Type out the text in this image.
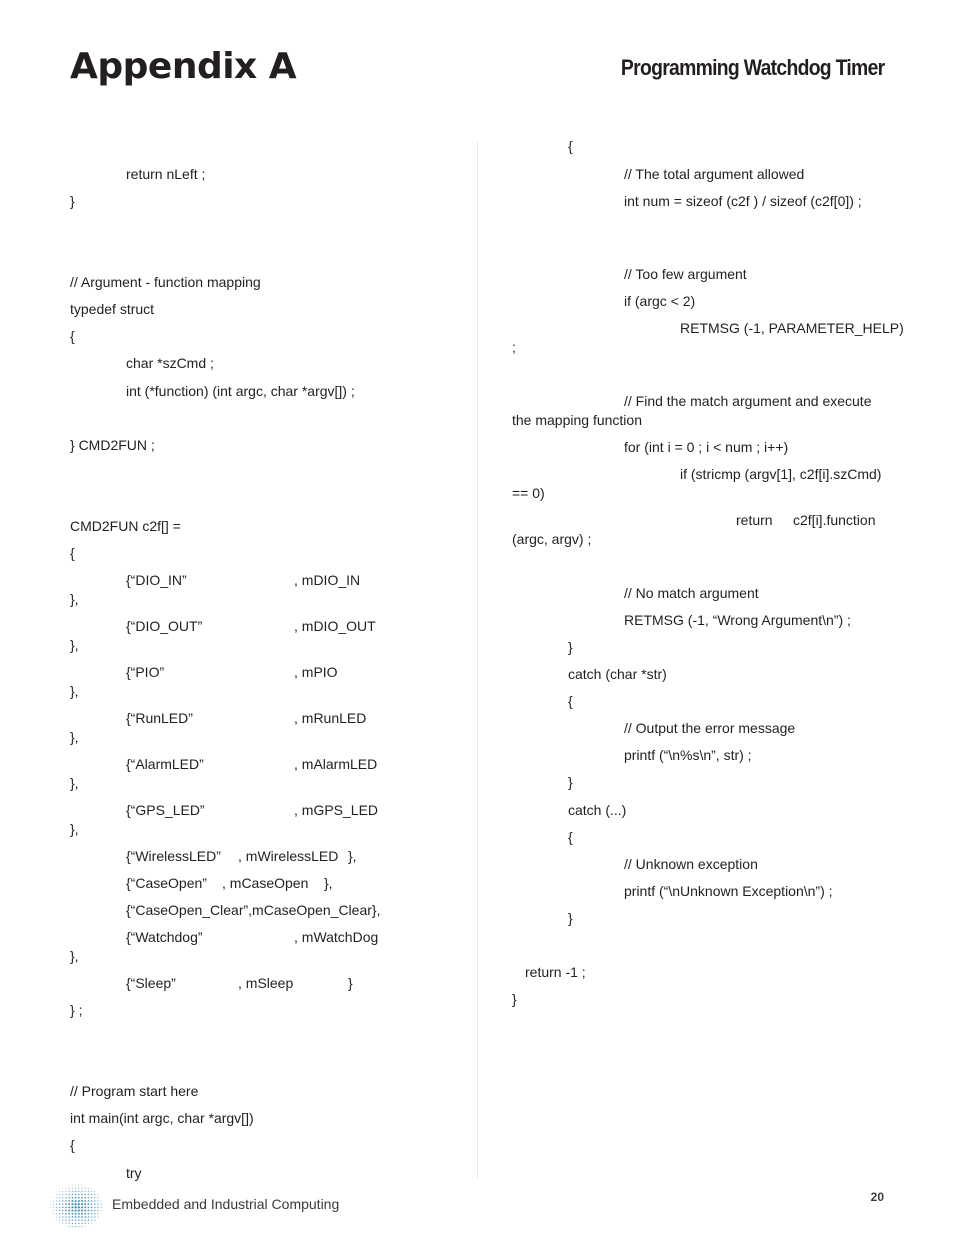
Appendix A	Programming Watchdog Timer
return nLeft ;
}
// Argument - function mapping
typedef struct
{
char *szCmd ;
int (*function) (int argc, char *argv[]) ;
} CMD2FUN ;
CMD2FUN c2f[] =
{
{“DIO_IN”	, mDIO_IN
},
{“DIO_OUT”	, mDIO_OUT
},
{“PIO”	, mPIO
},
{“RunLED”	, mRunLED
},
{“AlarmLED”	, mAlarmLED
},
{“GPS_LED”	, mGPS_LED
},
{“WirelessLED” , mWirelessLED },
{“CaseOpen” , mCaseOpen },
{“CaseOpen_Clear”,mCaseOpen_Clear},
{“Watchdog”	, mWatchDog
},
{“Sleep”	, mSleep	}
} ;
// Program start here
int main(int argc, char *argv[])
{
try
{
// The total argument allowed
int num = sizeof (c2f ) / sizeof (c2f[0]) ;
// Too few argument
if (argc < 2)
RETMSG (-1, PARAMETER_HELP)
;
// Find the match argument and execute
the mapping function
for (int i = 0 ; i < num ; i++)
if (stricmp (argv[1], c2f[i].szCmd)
== 0)
return c2f[i].function
(argc, argv) ;
// No match argument
RETMSG (-1, “Wrong Argument\n”) ;
}
catch (char *str)
{
// Output the error message
printf (“\n%s\n”, str) ;
}
catch (...)
{
// Unknown exception
printf (“\nUnknown Exception\n”) ;
}
return -1 ;
}
Embedded and Industrial Computing	20
